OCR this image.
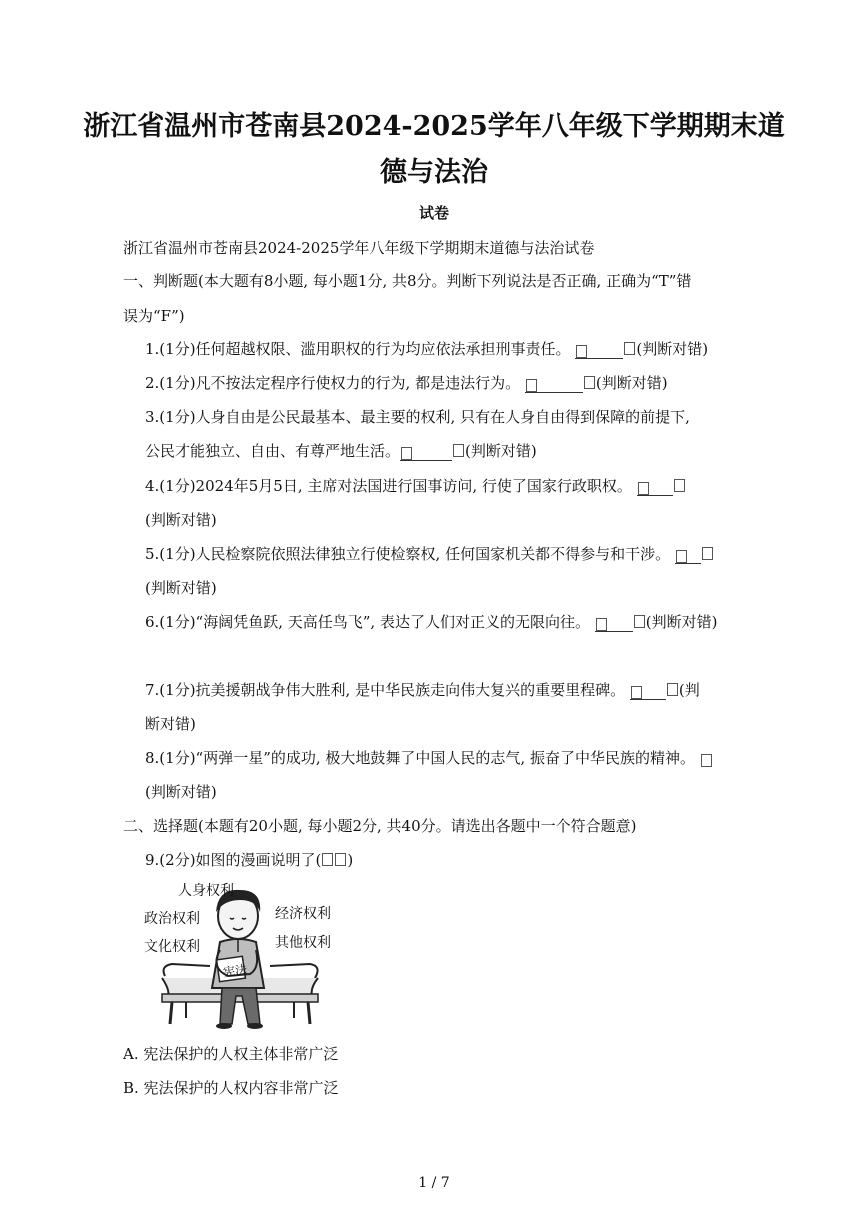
浙江省温州市苍南县2024-2025学年八年级下学期期末道
德与法治
试卷
浙江省温州市苍南县2024-2025学年八年级下学期期末道德与法治试卷
一、判断题(本大题有8小题, 每小题1分, 共8分。判断下列说法是否正确, 正确为“T”错
误为“F”)
1.(1分)任何超越权限、滥用职权的行为均应依法承担刑事责任。	(判断对错)
2.(1分)凡不按法定程序行使权力的行为, 都是违法行为。	(判断对错)
3.(1分)人身自由是公民最基本、最主要的权利, 只有在人身自由得到保障的前提下,
公民才能独立、自由、有尊严地生活。	(判断对错)
4.(1分)2024年5月5日, 主席对法国进行国事访问, 行使了国家行政职权。
(判断对错)
5.(1分)人民检察院依照法律独立行使检察权, 任何国家机关都不得参与和干涉。
(判断对错)
6.(1分)“海阔凭鱼跃, 天高任鸟飞”, 表达了人们对正义的无限向往。	(判断对错)
7.(1分)抗美援朝战争伟大胜利, 是中华民族走向伟大复兴的重要里程碑。	(判
断对错)
8.(1分)“两弹一星”的成功, 极大地鼓舞了中国人民的志气, 振奋了中华民族的精神。
(判断对错)
二、选择题(本题有20小题, 每小题2分, 共40分。请选出各题中一个符合题意)
9.(2分)如图的漫画说明了( )
人身权利
政治权利
文化权利
经济权利
其他权利
宪法
A. 宪法保护的人权主体非常广泛
B. 宪法保护的人权内容非常广泛
1 / 7
